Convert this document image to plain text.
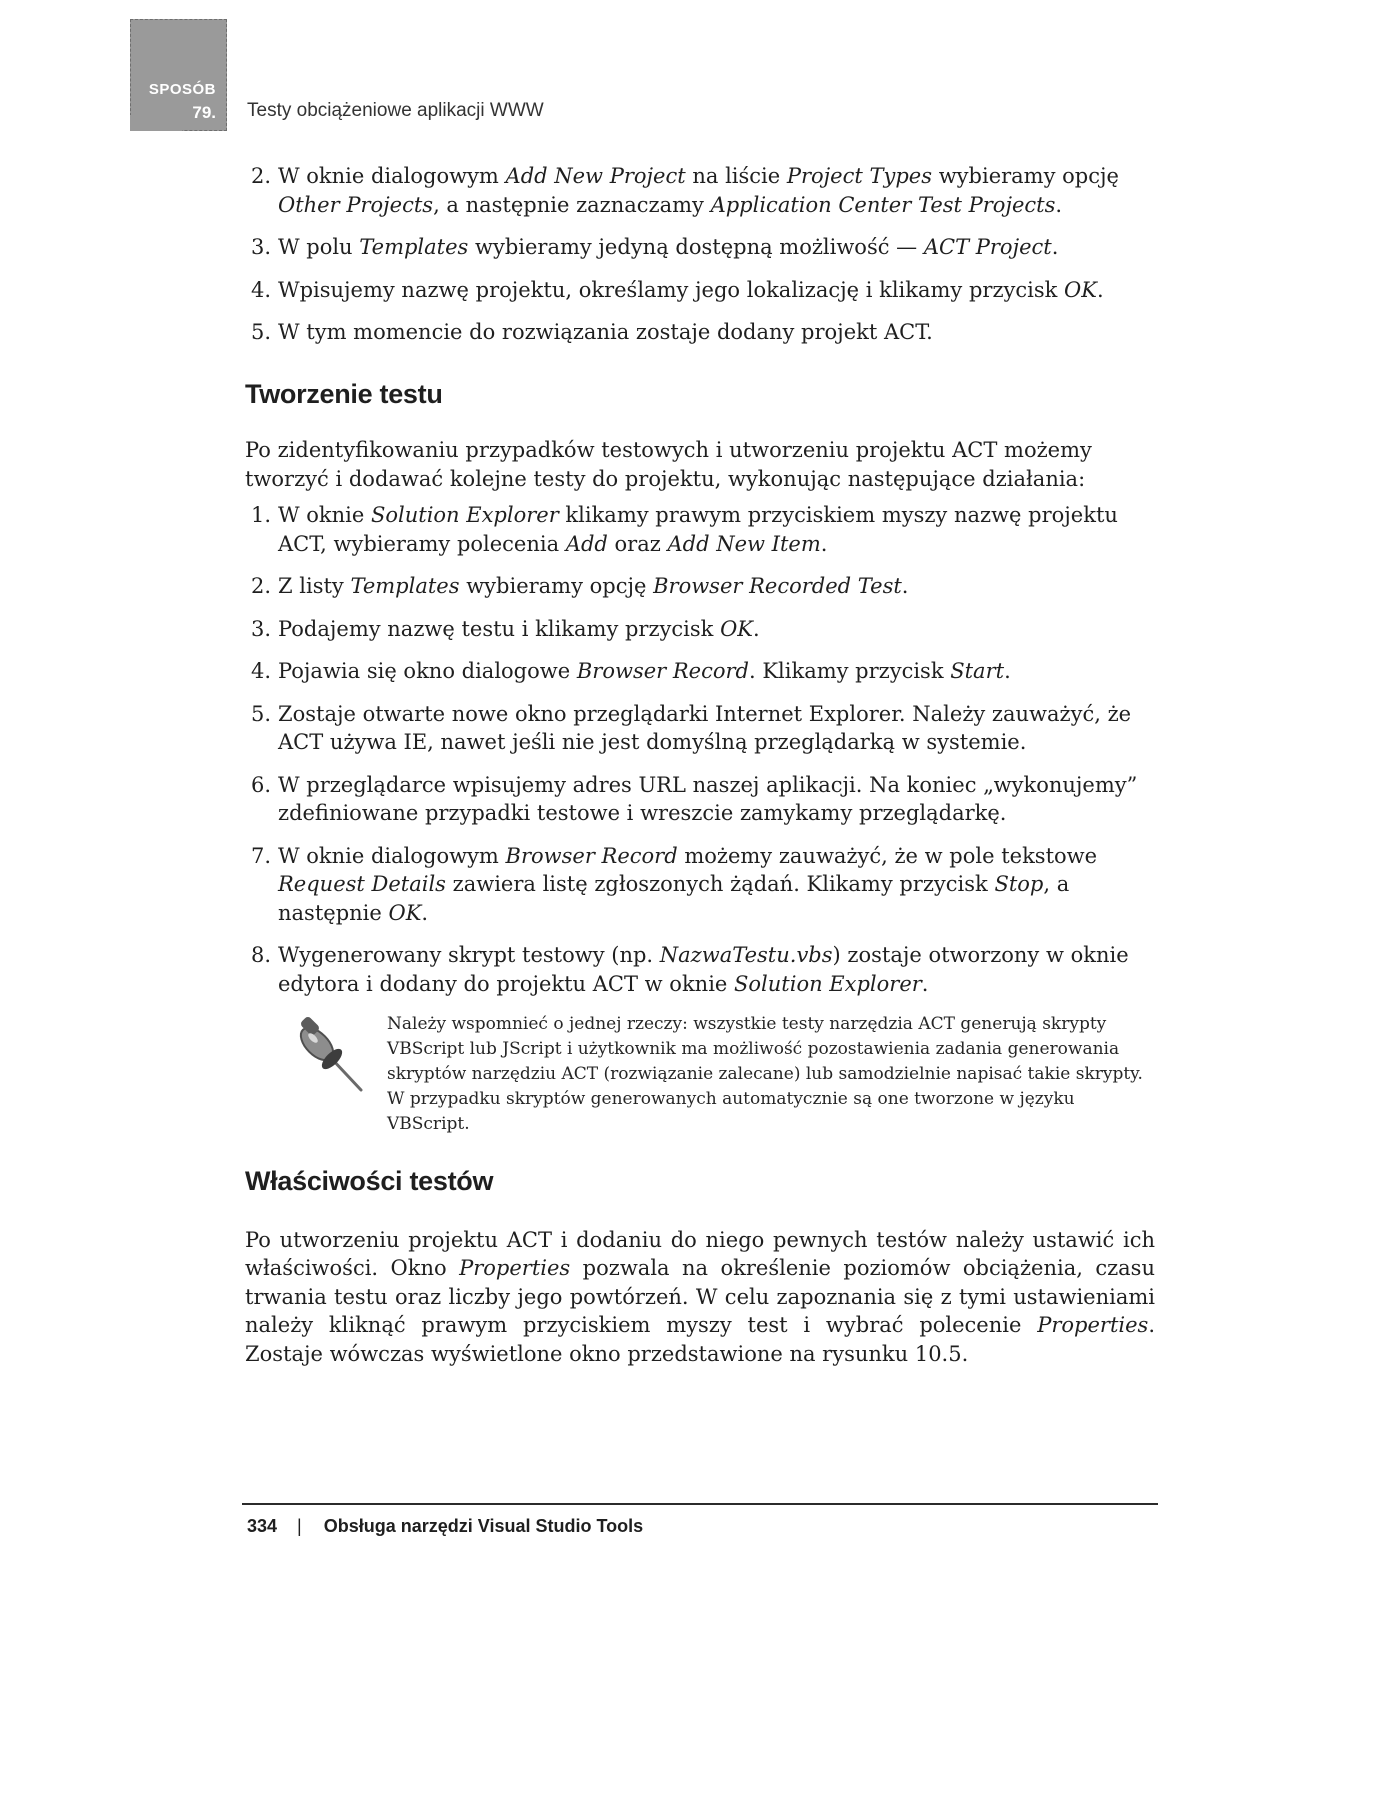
SPOSÓB
79. Testy obciążeniowe aplikacji WWW
2. W oknie dialogowym Add New Project na liście Project Types wybieramy opcję Other Projects, a następnie zaznaczamy Application Center Test Projects.
3. W polu Templates wybieramy jedyną dostępną możliwość — ACT Project.
4. Wpisujemy nazwę projektu, określamy jego lokalizację i klikamy przycisk OK.
5. W tym momencie do rozwiązania zostaje dodany projekt ACT.
Tworzenie testu

Po zidentyfikowaniu przypadków testowych i utworzeniu projektu ACT możemy tworzyć i dodawać kolejne testy do projektu, wykonując następujące działania:

1. W oknie Solution Explorer klikamy prawym przyciskiem myszy nazwę projektu ACT, wybieramy polecenia Add oraz Add New Item.
2. Z listy Templates wybieramy opcję Browser Recorded Test.
3. Podajemy nazwę testu i klikamy przycisk OK.
4. Pojawia się okno dialogowe Browser Record. Klikamy przycisk Start.
5. Zostaje otwarte nowe okno przeglądarki Internet Explorer. Należy zauważyć, że ACT używa IE, nawet jeśli nie jest domyślną przeglądarką w systemie.
6. W przeglądarce wpisujemy adres URL naszej aplikacji. Na koniec „wykonujemy” zdefiniowane przypadki testowe i wreszcie zamykamy przeglądarkę.
7. W oknie dialogowym Browser Record możemy zauważyć, że w pole tekstowe Request Details zawiera listę zgłoszonych żądań. Klikamy przycisk Stop, a następnie OK.
8. Wygenerowany skrypt testowy (np. NazwaTestu.vbs) zostaje otworzony w oknie edytora i dodany do projektu ACT w oknie Solution Explorer.
Należy wspomnieć o jednej rzeczy: wszystkie testy narzędzia ACT generują skrypty VBScript lub JScript i użytkownik ma możliwość pozostawienia zadania generowania skryptów narzędziu ACT (rozwiązanie zalecane) lub samodzielnie napisać takie skrypty. W przypadku skryptów generowanych automatycznie są one tworzone w języku VBScript.
Właściwości testów

Po utworzeniu projektu ACT i dodaniu do niego pewnych testów należy ustawić ich właściwości. Okno Properties pozwala na określenie poziomów obciążenia, czasu trwania testu oraz liczby jego powtórzeń. W celu zapoznania się z tymi ustawieniami należy kliknąć prawym przyciskiem myszy test i wybrać polecenie Properties. Zostaje wówczas wyświetlone okno przedstawione na rysunku 10.5.

334 | Obsługa narzędzi Visual Studio Tools
